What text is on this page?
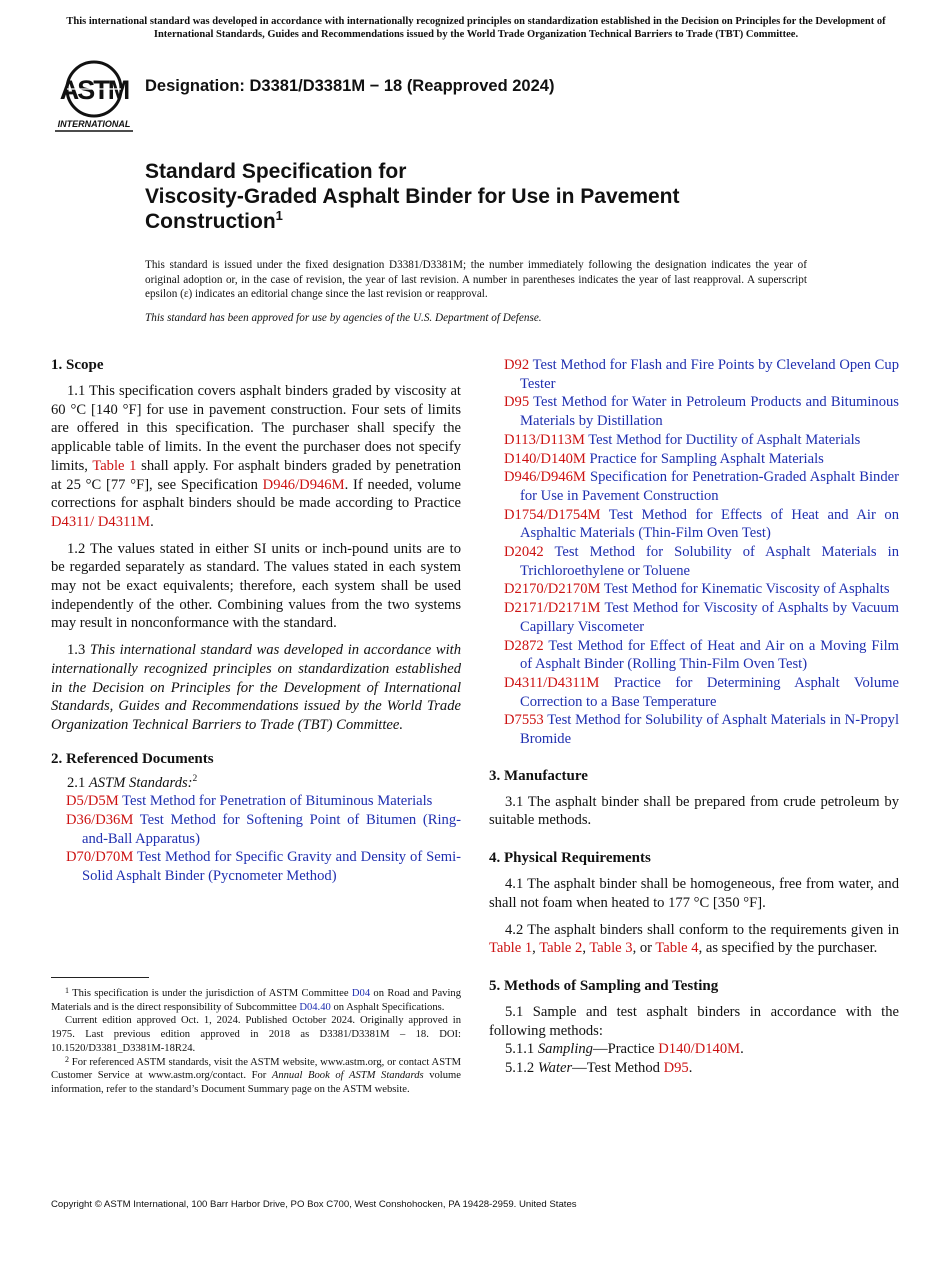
This international standard was developed in accordance with internationally recognized principles on standardization established in the Decision on Principles for the Development of International Standards, Guides and Recommendations issued by the World Trade Organization Technical Barriers to Trade (TBT) Committee.
ASTM
INTERNATIONAL
Designation: D3381/D3381M − 18 (Reapproved 2024)
Standard Specification for
Viscosity-Graded Asphalt Binder for Use in Pavement
Construction$^1$
This standard is issued under the fixed designation D3381/D3381M; the number immediately following the designation indicates the year of original adoption or, in the case of revision, the year of last revision. A number in parentheses indicates the year of last reapproval. A superscript epsilon (ε) indicates an editorial change since the last revision or reapproval.
This standard has been approved for use by agencies of the U.S. Department of Defense.

1. Scope

1.1 This specification covers asphalt binders graded by viscosity at 60 °C [140 °F] for use in pavement construction. Four sets of limits are offered in this specification. The purchaser shall specify the applicable table of limits. In the event the purchaser does not specify limits, Table 1 shall apply. For asphalt binders graded by penetration at 25 °C [77 °F], see Specification D946/D946M. If needed, volume corrections for asphalt binders should be made according to Practice D4311/ D4311M.

1.2 The values stated in either SI units or inch-pound units are to be regarded separately as standard. The values stated in each system may not be exact equivalents; therefore, each system shall be used independently of the other. Combining values from the two systems may result in nonconformance with the standard.

1.3 This international standard was developed in accordance with internationally recognized principles on standardization established in the Decision on Principles for the Development of International Standards, Guides and Recommendations issued by the World Trade Organization Technical Barriers to Trade (TBT) Committee.

2. Referenced Documents

2.1 ASTM Standards:$^2$

D5/D5M Test Method for Penetration of Bituminous Materials

D36/D36M Test Method for Softening Point of Bitumen (Ring-and-Ball Apparatus)

D70/D70M Test Method for Specific Gravity and Density of Semi-Solid Asphalt Binder (Pycnometer Method)

$^1$ This specification is under the jurisdiction of ASTM Committee D04 on Road and Paving Materials and is the direct responsibility of Subcommittee D04.40 on Asphalt Specifications.

Current edition approved Oct. 1, 2024. Published October 2024. Originally approved in 1975. Last previous edition approved in 2018 as D3381/D3381M – 18. DOI: 10.1520/D3381_D3381M-18R24.

$^2$ For referenced ASTM standards, visit the ASTM website, www.astm.org, or contact ASTM Customer Service at www.astm.org/contact. For Annual Book of ASTM Standards volume information, refer to the standard’s Document Summary page on the ASTM website.

D92 Test Method for Flash and Fire Points by Cleveland Open Cup Tester

D95 Test Method for Water in Petroleum Products and Bituminous Materials by Distillation

D113/D113M Test Method for Ductility of Asphalt Materials

D140/D140M Practice for Sampling Asphalt Materials

D946/D946M Specification for Penetration-Graded Asphalt Binder for Use in Pavement Construction

D1754/D1754M Test Method for Effects of Heat and Air on Asphaltic Materials (Thin-Film Oven Test)

D2042 Test Method for Solubility of Asphalt Materials in Trichloroethylene or Toluene

D2170/D2170M Test Method for Kinematic Viscosity of Asphalts

D2171/D2171M Test Method for Viscosity of Asphalts by Vacuum Capillary Viscometer

D2872 Test Method for Effect of Heat and Air on a Moving Film of Asphalt Binder (Rolling Thin-Film Oven Test)

D4311/D4311M Practice for Determining Asphalt Volume Correction to a Base Temperature

D7553 Test Method for Solubility of Asphalt Materials in N-Propyl Bromide

3. Manufacture

3.1 The asphalt binder shall be prepared from crude petroleum by suitable methods.

4. Physical Requirements

4.1 The asphalt binder shall be homogeneous, free from water, and shall not foam when heated to 177 °C [350 °F].

4.2 The asphalt binders shall conform to the requirements given in Table 1, Table 2, Table 3, or Table 4, as specified by the purchaser.

5. Methods of Sampling and Testing

5.1 Sample and test asphalt binders in accordance with the following methods:

5.1.1 Sampling—Practice D140/D140M.

5.1.2 Water—Test Method D95.

Copyright © ASTM International, 100 Barr Harbor Drive, PO Box C700, West Conshohocken, PA 19428-2959. United States
